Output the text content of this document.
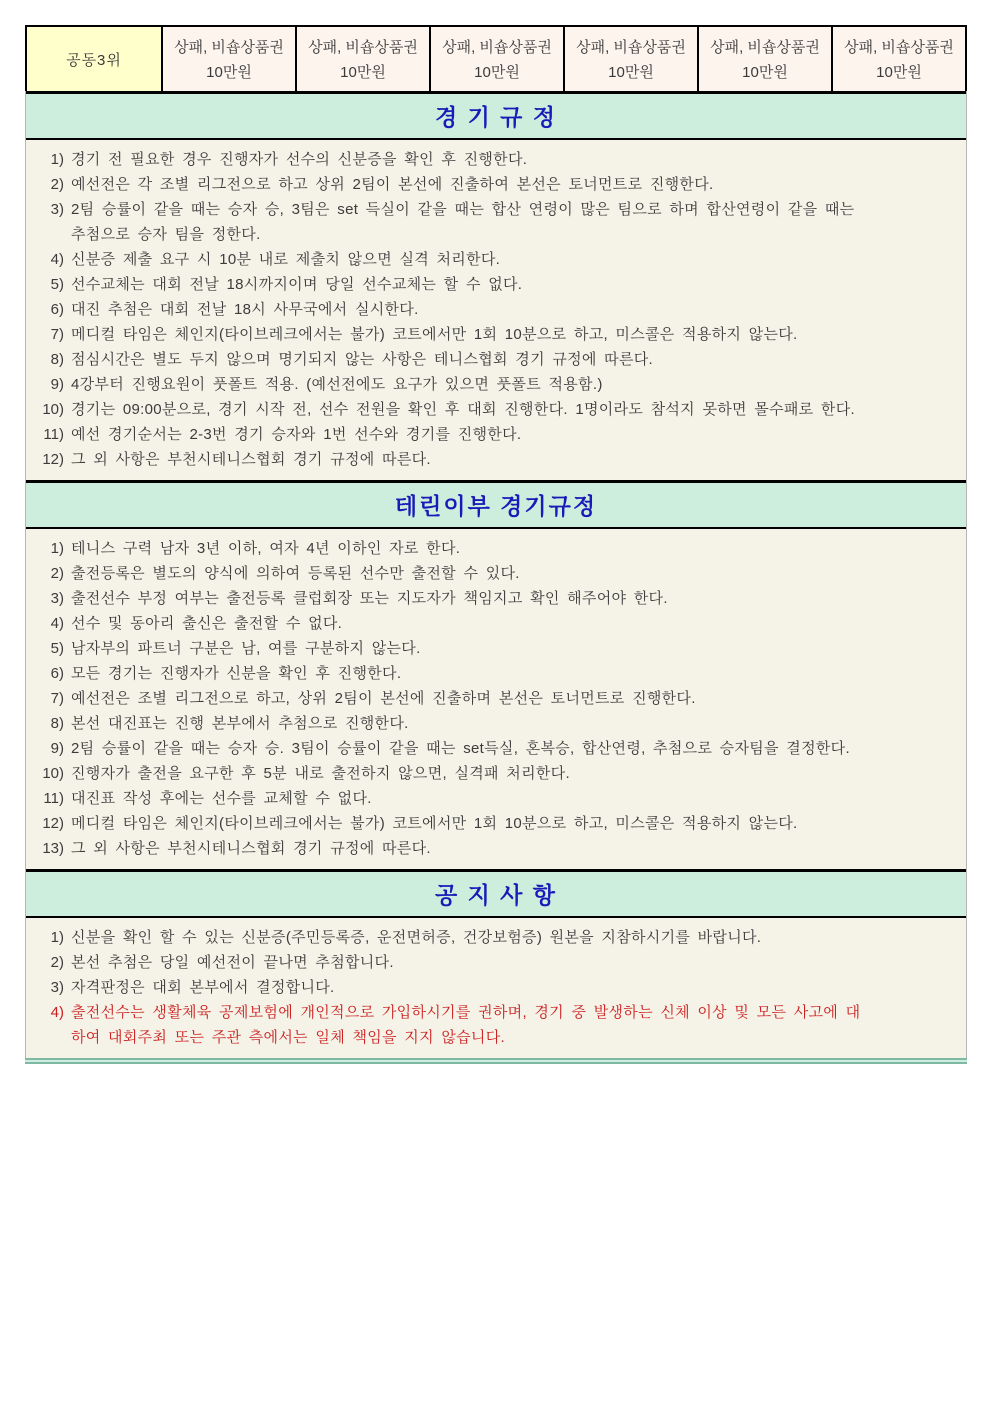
공동3위
상패, 비숍상품권
10만원
상패, 비숍상품권
10만원
상패, 비숍상품권
10만원
상패, 비숍상품권
10만원
상패, 비숍상품권
10만원
상패, 비숍상품권
10만원
경 기 규 정
1) 경기 전 필요한 경우 진행자가 선수의 신분증을 확인 후 진행한다.
2) 예선전은 각 조별 리그전으로 하고 상위 2팀이 본선에 진출하여 본선은 토너먼트로 진행한다.
3) 2팀 승률이 같을 때는 승자 승, 3팀은 set 득실이 같을 때는 합산 연령이 많은 팀으로 하며 합산연령이 같을 때는
추첨으로 승자 팀을 정한다.
4) 신분증 제출 요구 시 10분 내로 제출치 않으면 실격 처리한다.
5) 선수교체는 대회 전날 18시까지이며 당일 선수교체는 할 수 없다.
6) 대진 추첨은 대회 전날 18시 사무국에서 실시한다.
7) 메디컬 타임은 체인지(타이브레크에서는 불가) 코트에서만 1회 10분으로 하고, 미스콜은 적용하지 않는다.
8) 점심시간은 별도 두지 않으며 명기되지 않는 사항은 테니스협회 경기 규정에 따른다.
9) 4강부터 진행요원이 풋폴트 적용. (예선전에도 요구가 있으면 풋폴트 적용함.)
10) 경기는 09:00분으로, 경기 시작 전, 선수 전원을 확인 후 대회 진행한다. 1명이라도 참석지 못하면 몰수패로 한다.
11) 예선 경기순서는 2-3번 경기 승자와 1번 선수와 경기를 진행한다.
12) 그 외 사항은 부천시테니스협회 경기 규정에 따른다.
테린이부 경기규정
1) 테니스 구력 남자 3년 이하, 여자 4년 이하인 자로 한다.
2) 출전등록은 별도의 양식에 의하여 등록된 선수만 출전할 수 있다.
3) 출전선수 부정 여부는 출전등록 클럽회장 또는 지도자가 책임지고 확인 해주어야 한다.
4) 선수 및 동아리 출신은 출전할 수 없다.
5) 남자부의 파트너 구분은 남, 여를 구분하지 않는다.
6) 모든 경기는 진행자가 신분을 확인 후 진행한다.
7) 예선전은 조별 리그전으로 하고, 상위 2팀이 본선에 진출하며 본선은 토너먼트로 진행한다.
8) 본선 대진표는 진행 본부에서 추첨으로 진행한다.
9) 2팀 승률이 같을 때는 승자 승. 3팀이 승률이 같을 때는 set득실, 혼복승, 합산연령, 추첨으로 승자팀을 결정한다.
10) 진행자가 출전을 요구한 후 5분 내로 출전하지 않으면, 실격패 처리한다.
11) 대진표 작성 후에는 선수를 교체할 수 없다.
12) 메디컬 타임은 체인지(타이브레크에서는 불가) 코트에서만 1회 10분으로 하고, 미스콜은 적용하지 않는다.
13) 그 외 사항은 부천시테니스협회 경기 규정에 따른다.
공 지 사 항
1) 신분을 확인 할 수 있는 신분증(주민등록증, 운전면허증, 건강보험증) 원본을 지참하시기를 바랍니다.
2) 본선 추첨은 당일 예선전이 끝나면 추첨합니다.
3) 자격판정은 대회 본부에서 결정합니다.
4) 출전선수는 생활체육 공제보험에 개인적으로 가입하시기를 권하며, 경기 중 발생하는 신체 이상 및 모든 사고에 대
하여 대회주최 또는 주관 측에서는 일체 책임을 지지 않습니다.
